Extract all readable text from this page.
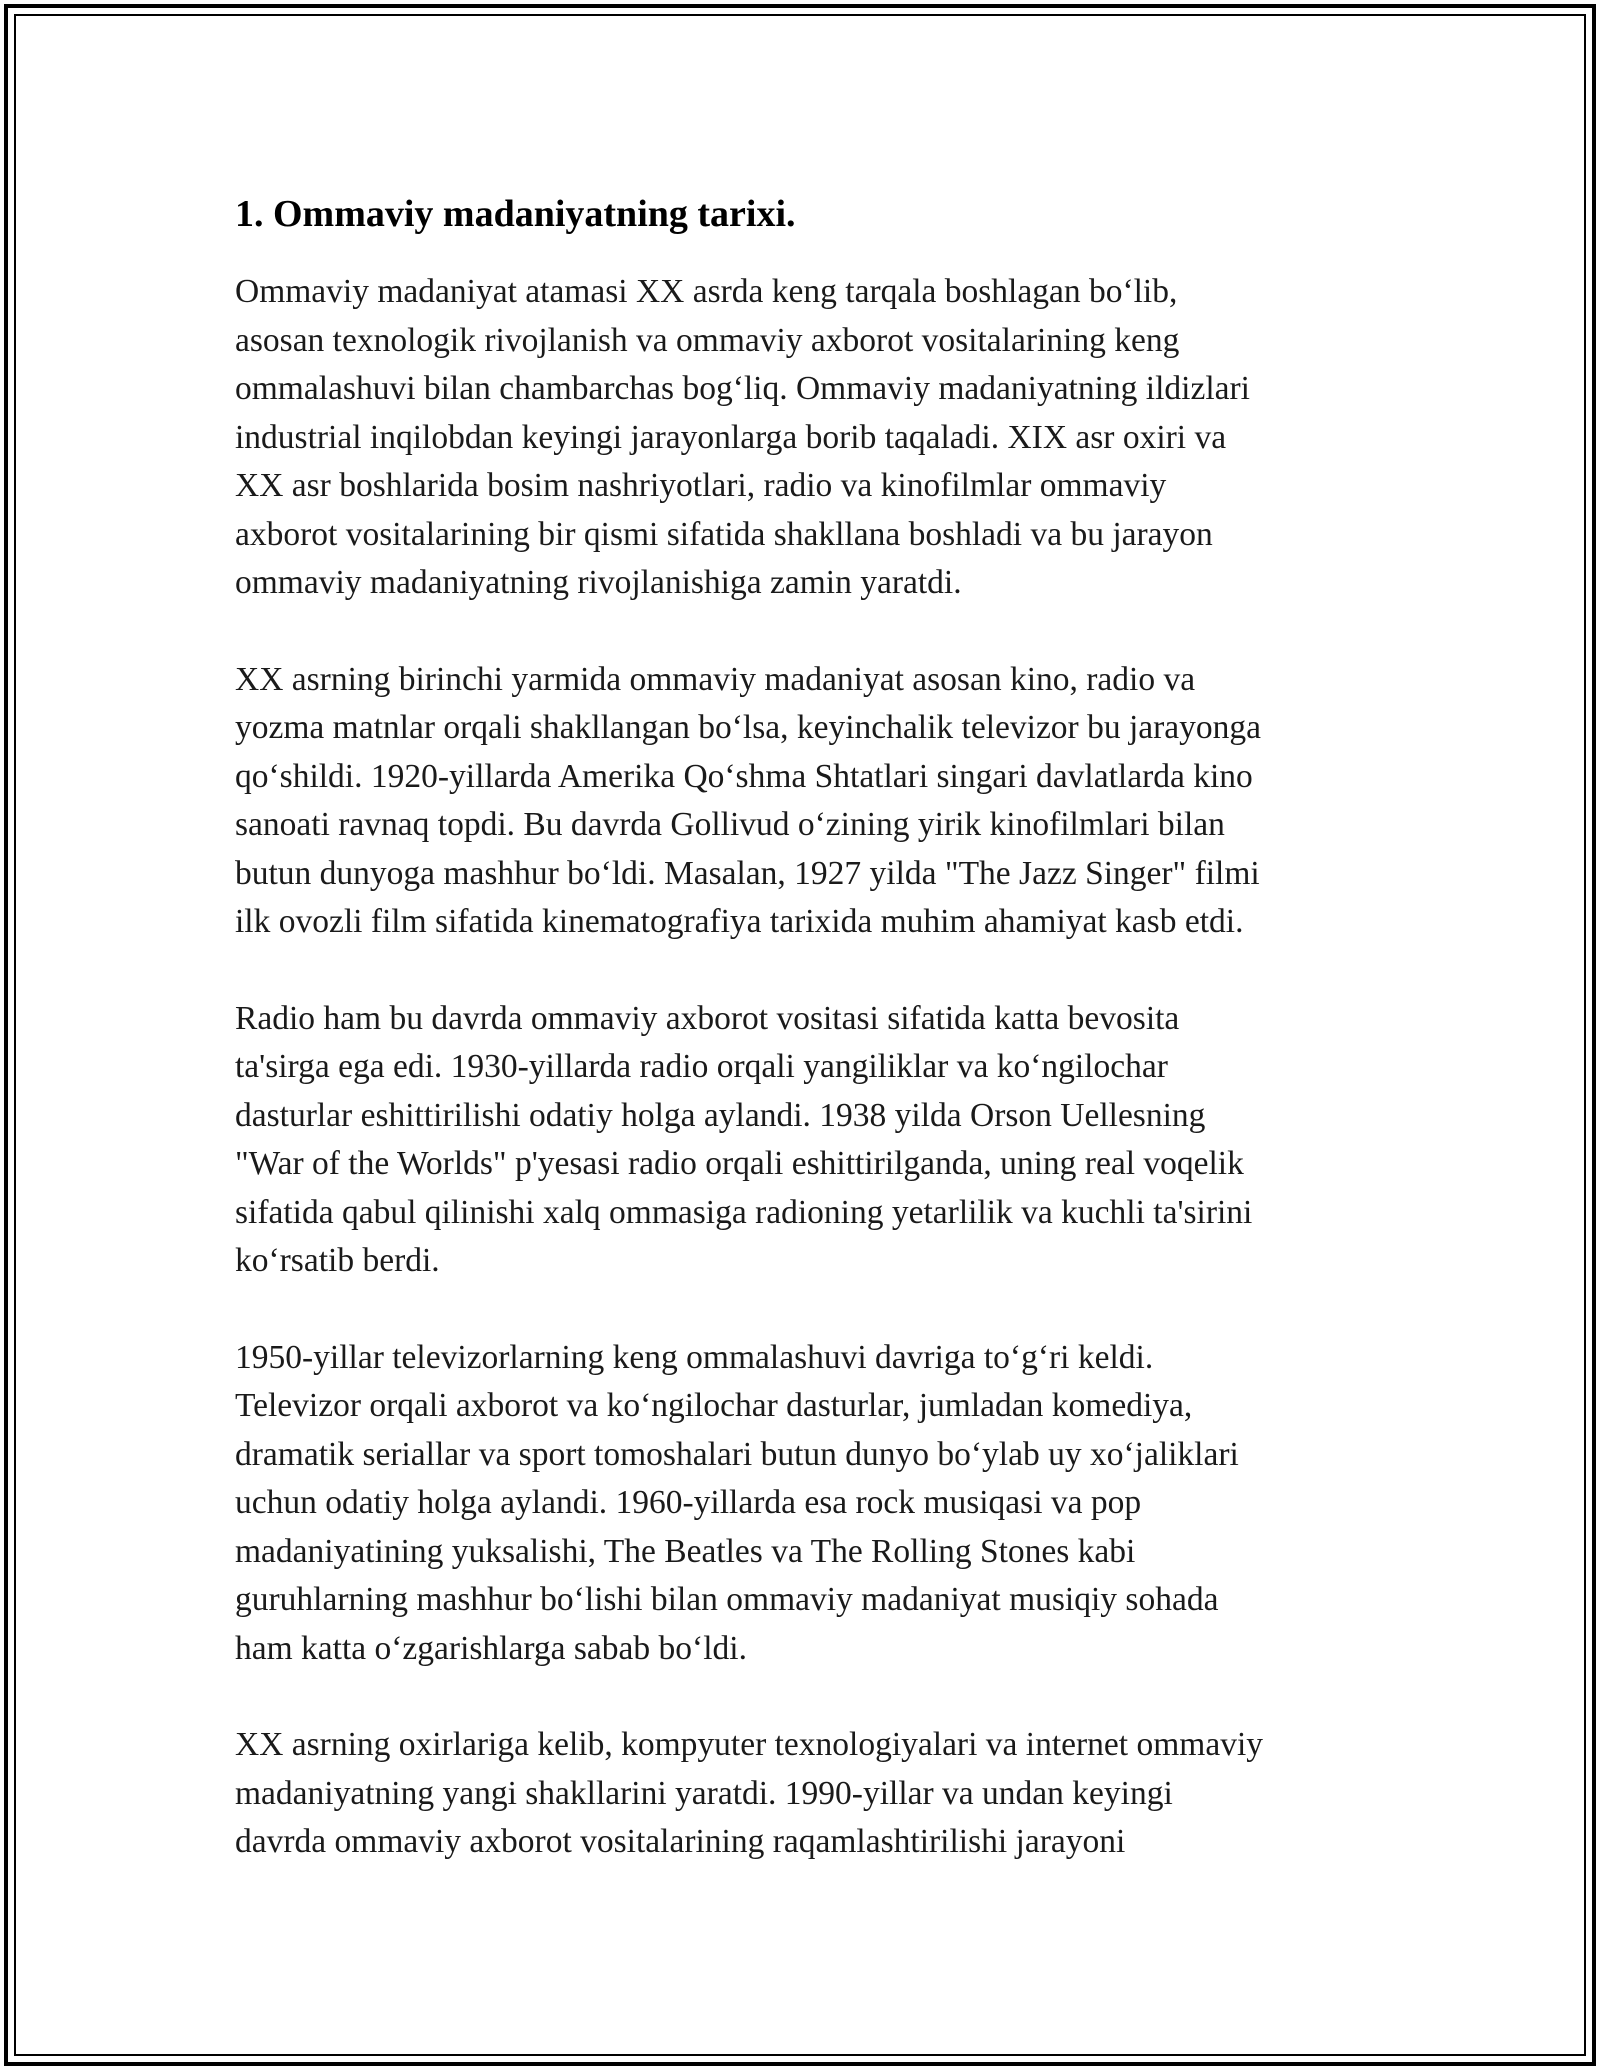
1. Ommaviy madaniyatning tarixi.

Ommaviy madaniyat atamasi XX asrda keng tarqala boshlagan bo‘lib,
asosan texnologik rivojlanish va ommaviy axborot vositalarining keng
ommalashuvi bilan chambarchas bog‘liq. Ommaviy madaniyatning ildizlari
industrial inqilobdan keyingi jarayonlarga borib taqaladi. XIX asr oxiri va
XX asr boshlarida bosim nashriyotlari, radio va kinofilmlar ommaviy
axborot vositalarining bir qismi sifatida shakllana boshladi va bu jarayon
ommaviy madaniyatning rivojlanishiga zamin yaratdi.

XX asrning birinchi yarmida ommaviy madaniyat asosan kino, radio va
yozma matnlar orqali shakllangan bo‘lsa, keyinchalik televizor bu jarayonga
qo‘shildi. 1920-yillarda Amerika Qo‘shma Shtatlari singari davlatlarda kino
sanoati ravnaq topdi. Bu davrda Gollivud o‘zining yirik kinofilmlari bilan
butun dunyoga mashhur bo‘ldi. Masalan, 1927 yilda "The Jazz Singer" filmi
ilk ovozli film sifatida kinematografiya tarixida muhim ahamiyat kasb etdi.

Radio ham bu davrda ommaviy axborot vositasi sifatida katta bevosita
ta'sirga ega edi. 1930-yillarda radio orqali yangiliklar va ko‘ngilochar
dasturlar eshittirilishi odatiy holga aylandi. 1938 yilda Orson Uellesning
"War of the Worlds" p'yesasi radio orqali eshittirilganda, uning real voqelik
sifatida qabul qilinishi xalq ommasiga radioning yetarlilik va kuchli ta'sirini
ko‘rsatib berdi.

1950-yillar televizorlarning keng ommalashuvi davriga to‘g‘ri keldi.
Televizor orqali axborot va ko‘ngilochar dasturlar, jumladan komediya,
dramatik seriallar va sport tomoshalari butun dunyo bo‘ylab uy xo‘jaliklari
uchun odatiy holga aylandi. 1960-yillarda esa rock musiqasi va pop
madaniyatining yuksalishi, The Beatles va The Rolling Stones kabi
guruhlarning mashhur bo‘lishi bilan ommaviy madaniyat musiqiy sohada
ham katta o‘zgarishlarga sabab bo‘ldi.

XX asrning oxirlariga kelib, kompyuter texnologiyalari va internet ommaviy
madaniyatning yangi shakllarini yaratdi. 1990-yillar va undan keyingi
davrda ommaviy axborot vositalarining raqamlashtirilishi jarayoni
